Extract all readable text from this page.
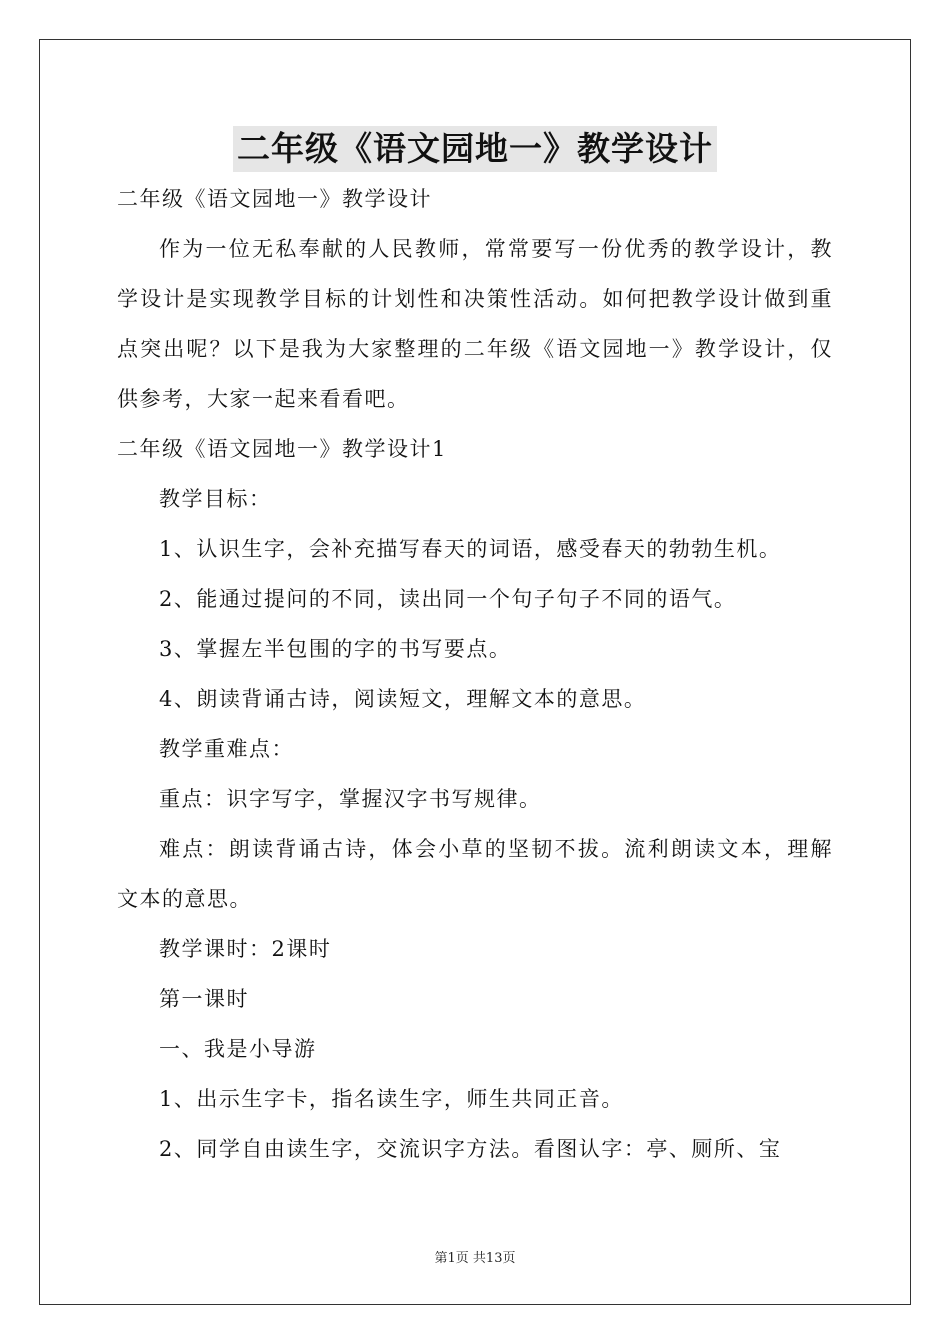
二年级《语文园地一》教学设计

二年级《语文园地一》教学设计

作为一位无私奉献的人民教师，常常要写一份优秀的教学设计，教学设计是实现教学目标的计划性和决策性活动。如何把教学设计做到重点突出呢？以下是我为大家整理的二年级《语文园地一》教学设计，仅供参考，大家一起来看看吧。

二年级《语文园地一》教学设计1

教学目标：

1、认识生字，会补充描写春天的词语，感受春天的勃勃生机。

2、能通过提问的不同，读出同一个句子句子不同的语气。

3、掌握左半包围的字的书写要点。

4、朗读背诵古诗，阅读短文，理解文本的意思。

教学重难点：

重点：识字写字，掌握汉字书写规律。

难点：朗读背诵古诗，体会小草的坚韧不拔。流利朗读文本，理解文本的意思。

教学课时：2课时

第一课时

一、我是小导游

1、出示生字卡，指名读生字，师生共同正音。

2、同学自由读生字，交流识字方法。看图认字：亭、厕所、宝

第1页 共13页
